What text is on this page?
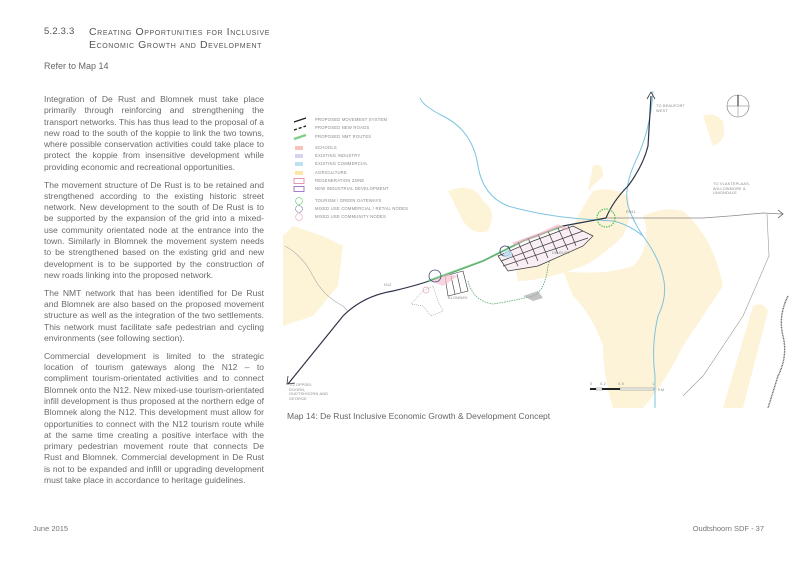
5.2.3.3 Creating Opportunities for Inclusive
Economic Growth and Development
Refer to Map 14

Integration of De Rust and Blomnek must take place primarily through reinforcing and strengthening the transport networks. This has thus lead to the proposal of a new road to the south of the koppie to link the two towns, where possible conservation activities could take place to protect the koppie from insensitive development while providing economic and recreational opportunities.

The movement structure of De Rust is to be retained and strengthened according to the existing historic street network. New development to the south of De Rust is to be supported by the expansion of the grid into a mixed-use community orientated node at the entrance into the town. Similarly in Blomnek the movement system needs to be strengthened based on the existing grid and new development is to be supported by the construction of new roads linking into the proposed network.

The NMT network that has been identified for De Rust and Blomnek are also based on the proposed movement structure as well as the integration of the two settlements. This network must facilitate safe pedestrian and cycling environments (see following section).

Commercial development is limited to the strategic location of tourism gateways along the N12 – to compliment tourism-orientated activities and to connect Blomnek onto the N12. New mixed-use tourism-orientated infill development is thus proposed at the northern edge of Blomnek along the N12. This development must allow for opportunities to connect with the N12 tourism route while at the same time creating a positive interface with the primary pedestrian movement route that connects De Rust and Blomnek. Commercial development in De Rust is not to be expanded and infill or upgrading development must take place in accordance to heritage guidelines.

PROPOSED MOVEMENT SYSTEM
PROPOSED NEW ROADS
PROPOSED NMT ROUTES
SCHOOLS
EXISTING INDUSTRY
EXISTING COMMERCIAL
AGRICULTURE
REGENERATION ZONE
NEW INDUSTRIAL DEVELOPMENT
TOURISM / GREEN GATEWAYS
MIXED USE COMMERCIAL / RETAIL NODES
MIXED USE COMMUNITY NODES
TO BEAUFORT WEST
TO VLAKTEPLAAS, WILLOWMORE & UNIONDALE
TO OPPDEL DOORN, OUDTSHOORN AND GEORGE
N12
R341
DE RUST
BLOMNEK
0 0.2	0.5	1
KM
Map 14: De Rust Inclusive Economic Growth & Development Concept
June 2015	Oudtshoorn SDF - 37
